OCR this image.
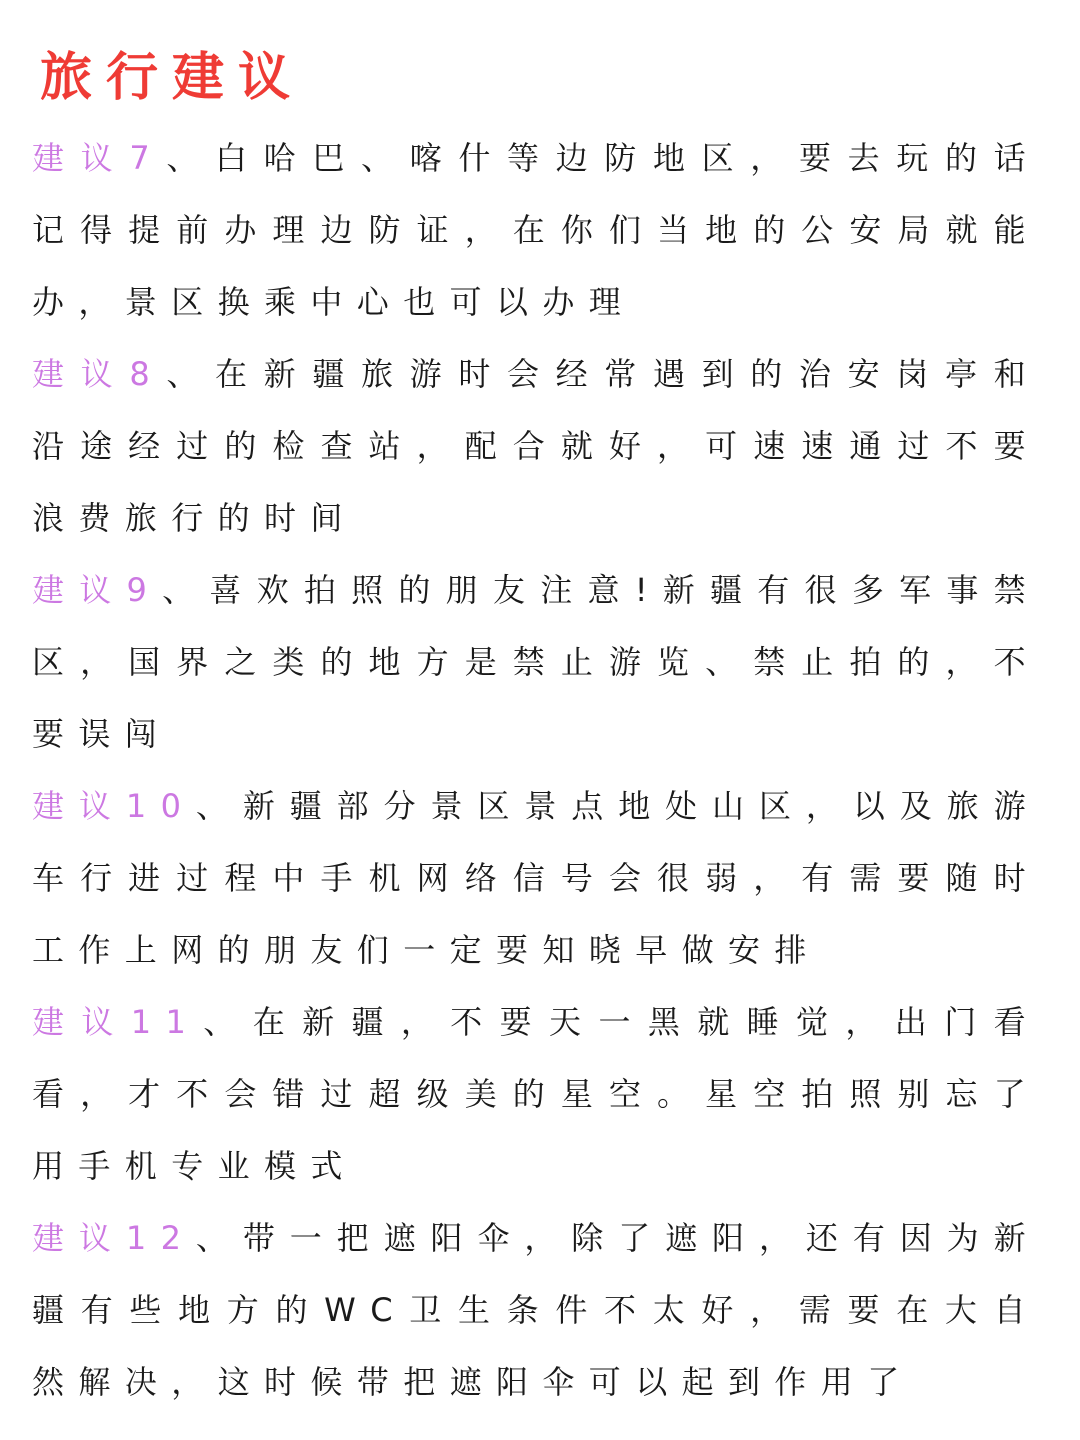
旅行建议

建议7、白哈巴、喀什等边防地区，要去玩的话记得提前办理边防证，在你们当地的公安局就能办，景区换乘中心也可以办理

建议8、在新疆旅游时会经常遇到的治安岗亭和沿途经过的检查站，配合就好，可速速通过不要浪费旅行的时间

建议9、喜欢拍照的朋友注意!新疆有很多军事禁区，国界之类的地方是禁止游览、禁止拍的，不要误闯

建议10、新疆部分景区景点地处山区，以及旅游车行进过程中手机网络信号会很弱，有需要随时工作上网的朋友们一定要知晓早做安排

建议11、在新疆，不要天一黑就睡觉，出门看看，才不会错过超级美的星空。星空拍照别忘了用手机专业模式

建议12、带一把遮阳伞，除了遮阳，还有因为新疆有些地方的WC卫生条件不太好，需要在大自然解决，这时候带把遮阳伞可以起到作用了
